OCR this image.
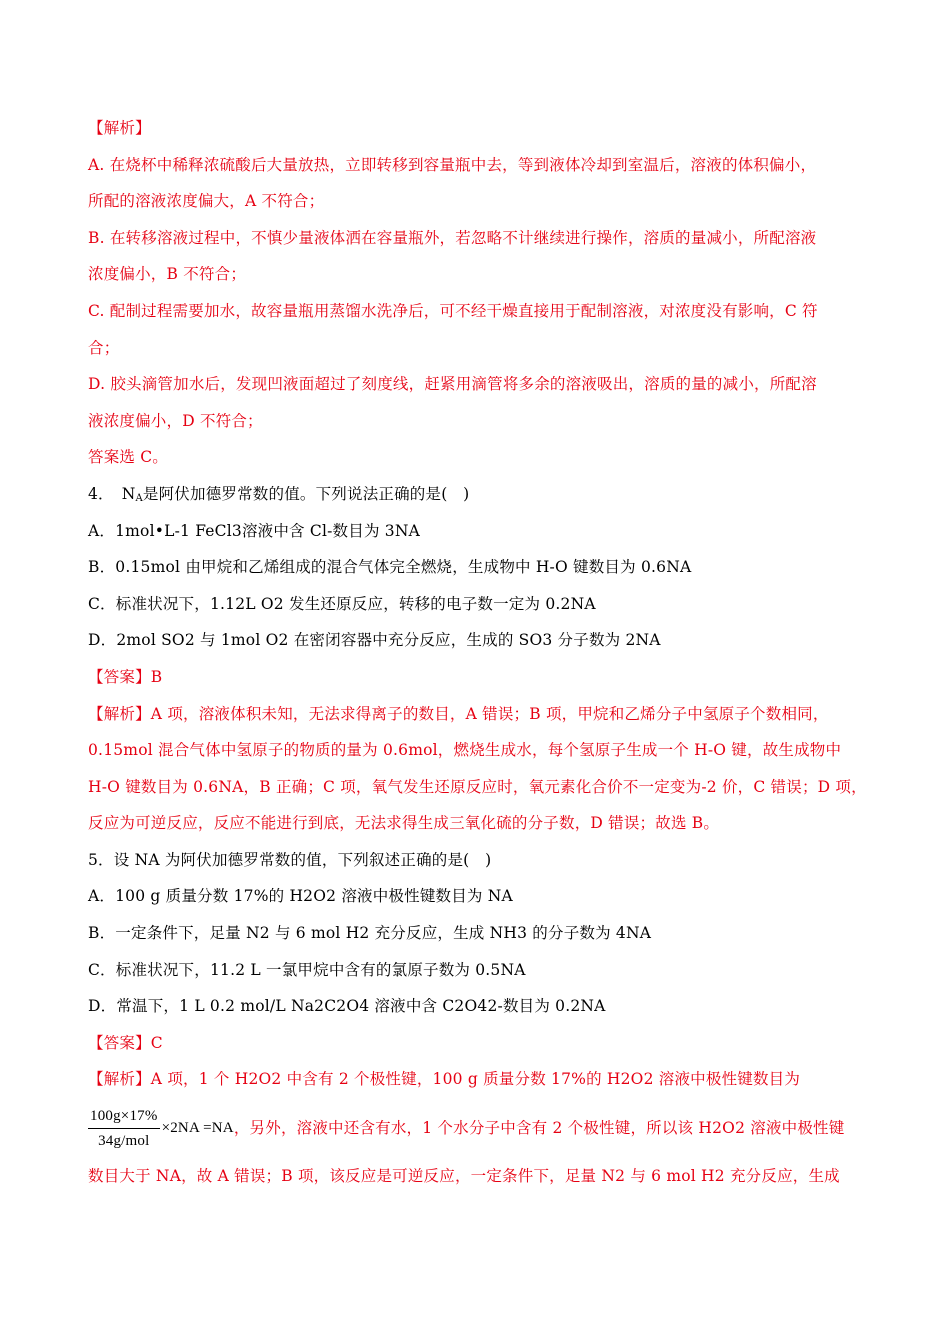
【解析】
A. 在烧杯中稀释浓硫酸后大量放热，立即转移到容量瓶中去，等到液体冷却到室温后，溶液的体积偏小，
所配的溶液浓度偏大，A 不符合；
B. 在转移溶液过程中，不慎少量液体洒在容量瓶外，若忽略不计继续进行操作，溶质的量减小，所配溶液
浓度偏小，B 不符合；
C. 配制过程需要加水，故容量瓶用蒸馏水洗净后，可不经干燥直接用于配制溶液，对浓度没有影响，C 符
合；
D. 胶头滴管加水后，发现凹液面超过了刻度线，赶紧用滴管将多余的溶液吸出，溶质的量的减小，所配溶
液浓度偏小，D 不符合；
答案选 C。
4．　$N_A$是阿伏加德罗常数的值。下列说法正确的是(　)
A．1mol•L-1 FeCl3溶液中含 Cl-数目为 3NA
B．0.15mol 由甲烷和乙烯组成的混合气体完全燃烧，生成物中 H-O 键数目为 0.6NA
C．标准状况下，1.12L O2 发生还原反应，转移的电子数一定为 0.2NA
D．2mol SO2 与 1mol O2 在密闭容器中充分反应，生成的 SO3 分子数为 2NA
【答案】B
【解析】A 项，溶液体积未知，无法求得离子的数目，A 错误；B 项，甲烷和乙烯分子中氢原子个数相同，
0.15mol 混合气体中氢原子的物质的量为 0.6mol，燃烧生成水，每个氢原子生成一个 H-O 键，故生成物中
H-O 键数目为 0.6NA，B 正确；C 项，氧气发生还原反应时，氧元素化合价不一定变为-2 价，C 错误；D 项，
反应为可逆反应，反应不能进行到底，无法求得生成三氧化硫的分子数，D 错误；故选 B。
5．设 NA 为阿伏加德罗常数的值，下列叙述正确的是(　)
A．100 g 质量分数 17%的 H2O2 溶液中极性键数目为 NA
B．一定条件下，足量 N2 与 6 mol H2 充分反应，生成 NH3 的分子数为 4NA
C．标准状况下，11.2 L 一氯甲烷中含有的氯原子数为 0.5NA
D．常温下，1 L 0.2 mol/L Na2C2O4 溶液中含 C2O42-数目为 0.2NA
【答案】C
【解析】A 项，1 个 H2O2 中含有 2 个极性键，100 g 质量分数 17%的 H2O2 溶液中极性键数目为
$\frac{100g\times 17\%}{\text{34g/mol}} \times 2NA =NA$ ，另外，溶液中还含有水，1 个水分子中含有 2 个极性键，所以该 H2O2 溶液中极性键
数目大于 NA，故 A 错误；B 项，该反应是可逆反应，一定条件下，足量 N2 与 6 mol H2 充分反应，生成
